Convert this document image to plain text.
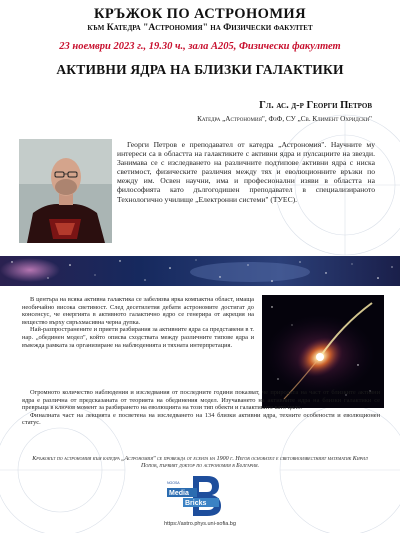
КРЪЖОК ПО АСТРОНОМИЯ
към Катедра "Астрономия" на Физически факултет
23 ноември 2023 г., 19.30 ч., зала А205, Физически факултет
АКТИВНИ ЯДРА НА БЛИЗКИ ГАЛАКТИКИ
Гл. ас. д-р Георги Петров
Катедра „Астрономия", ФзФ, СУ „Св. Климент Охридски"
Георги Петров е преподавател от катедра „Астрономия". Научните му интереси са в областта на галактиките с активни ядра и пулсациите на звезди. Занимава се с изследването на различните подтипове активни ядра с ниска светимост, физическите различия между тях и еволюционните връзки по между им. Освен научни, има и професионални изяви в областта на философията като дългогодишен преподавател в специализираното Технологично училище „Електронни системи" (ТУЕС).

В центъра на всяка активна галактика се забелязва ярка компактна област, имаща необичайно висока светимост. След десетилетия дебати астрономите достигат до консенсус, че енергията в активното галактично ядро се генерира от акреция на вещество върху свръхмасивна черна дупка.

Най-разпространените и приети разбирания за активните ядра са представени в т. нар. „обединен модел", който описва сходствата между различните типове ядра и въвежда рамката за организиране на наблюденията и тяхната интерпретация.

Огромното количество наблюдения и изследвания от последните години показват, че природата на част от близките активни ядра е различна от предсказаната от теорията на обединения модел. Изучаването на активните ядра на близки галактики се превръща в ключов момент за разбирането на еволюцията на този тип обекти и галактиките като цяло.

Финалната част на лекцията е посветена на изследването на 134 близки активни ядра, техните особености и еволюционен статус.

Кръжокът по астрономия към катедра „Астрономия" се провежда от есента на 1900 г. Негов основател е световноизвестният математик Кирил Попов, първият доктор по астрономия в България.
Media
Bricks
NGOSA
https://astro.phys.uni-sofia.bg
